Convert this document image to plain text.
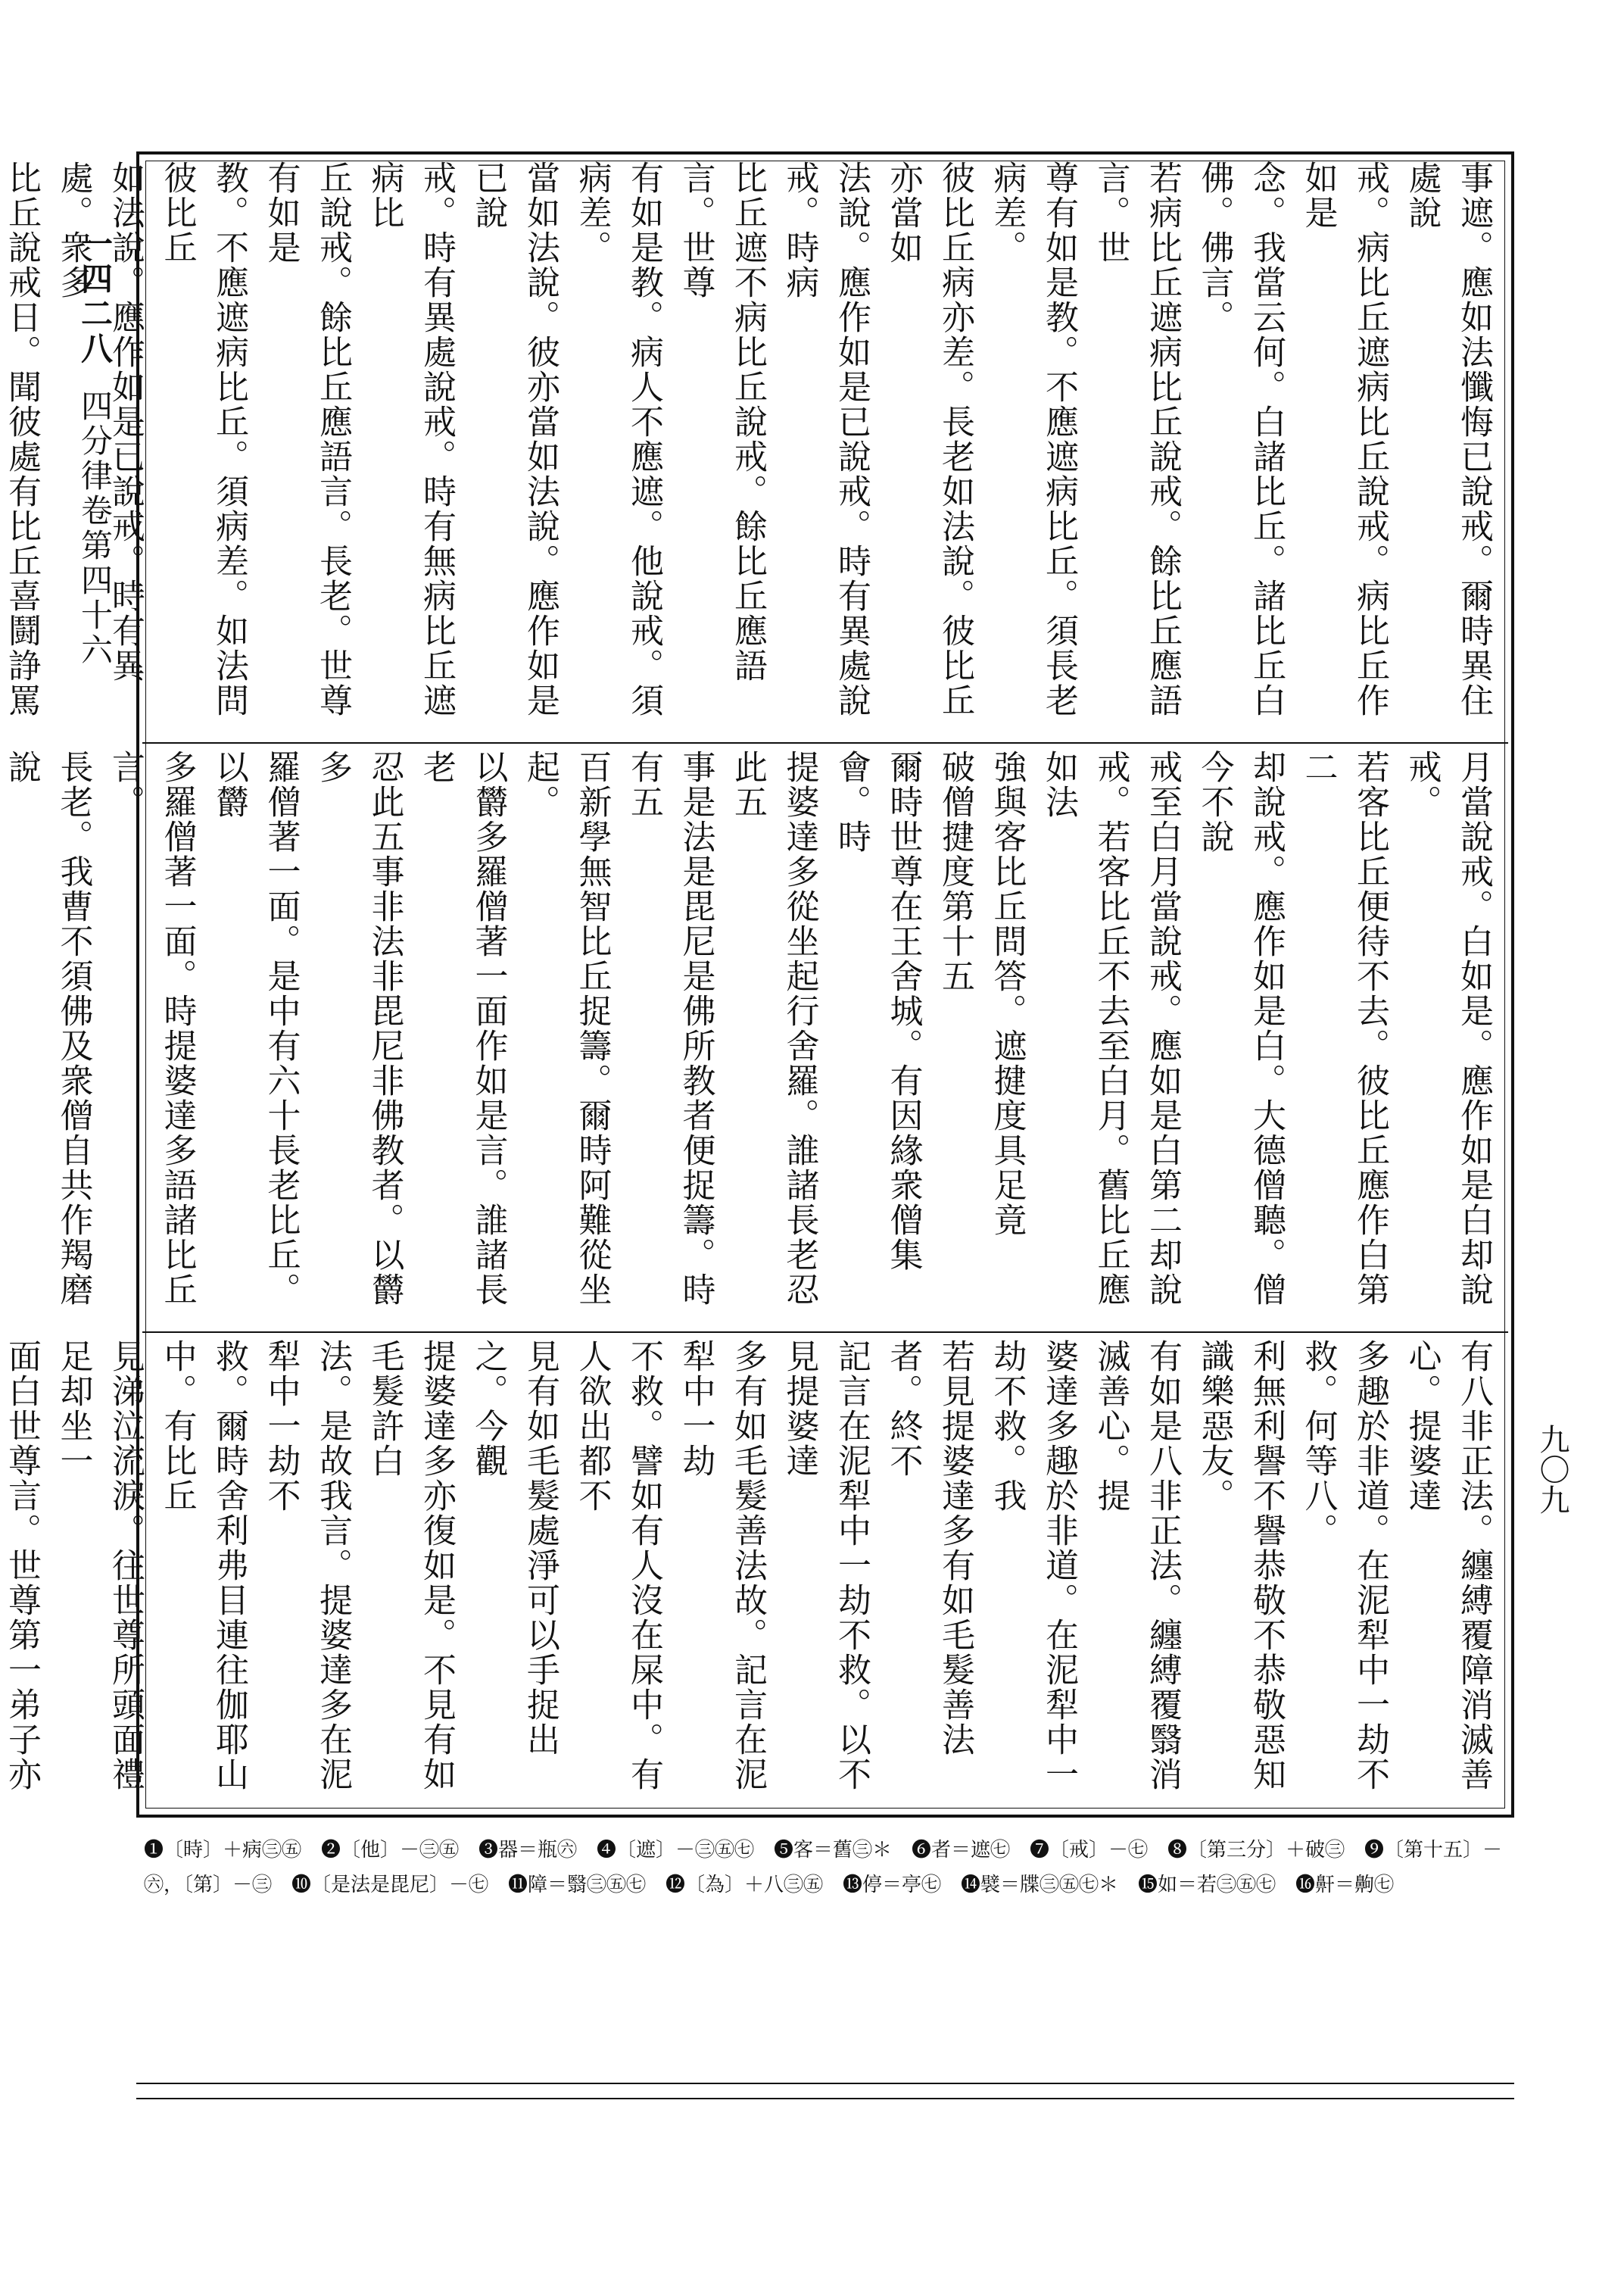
一四二八
四分律卷第四十六	事遮。應如法懺悔已說戒。爾時異住處說
戒。病比丘遮病比丘說戒。病比丘作如是
念。我當云何。白諸比丘。諸比丘白佛。佛言。
若病比丘遮病比丘說戒。餘比丘應語言。世
尊有如是教。不應遮病比丘。須長老病差。
彼比丘病亦差。長老如法說。彼比丘亦當如
法說。應作如是已說戒。時有異處說戒。時病
比丘遮不病比丘說戒。餘比丘應語言。世尊
有如是教。病人不應遮。他說戒。須病差。
當如法說。彼亦當如法說。應作如是已說
戒。時有異處說戒。時有無病比丘遮病比
丘說戒。餘比丘應語言。長老。世尊有如是
教。不應遮病比丘。須病差。如法問彼比丘
如法說。應作如是已說戒。時有異處。衆多
比丘說戒日。聞彼處有比丘喜鬪諍罵

月當說戒。白如是。應作如是白却說戒。
若客比丘便待不去。彼比丘應作白第二
却說戒。應作如是白。大德僧聽。僧今不說
戒至白月當說戒。應如是白第二却說
戒。若客比丘不去至白月。舊比丘應如法
強與客比丘問答。遮揵度具足竟
破僧揵度第十五
爾時世尊在王舍城。有因緣衆僧集會。時
提婆達多從坐起行舍羅。誰諸長老忍此五
事是法是毘尼是佛所教者便捉籌。時有五
百新學無智比丘捉籌。爾時阿難從坐起。
以欝多羅僧著一面作如是言。誰諸長老
忍此五事非法非毘尼非佛教者。以欝多
羅僧著一面。是中有六十長老比丘。以欝
多羅僧著一面。時提婆達多語諸比丘言。
長老。我曹不須佛及衆僧自共作羯磨說

有八非正法。纏縛覆障消滅善心。提婆達
多趣於非道。在泥犁中一劫不救。何等八。
利無利譽不譽恭敬不恭敬惡知識樂惡友。
有如是八非正法。纏縛覆翳消滅善心。提
婆達多趣於非道。在泥犁中一劫不救。我
若見提婆達多有如毛髮善法者。終不
記言在泥犁中一劫不救。以不見提婆達
多有如毛髮善法故。記言在泥犁中一劫
不救。譬如有人沒在屎中。有人欲出都不
見有如毛髮處淨可以手捉出之。今觀
提婆達多亦復如是。不見有如毛髮許白
法。是故我言。提婆達多在泥犁中一劫不
救。爾時舍利弗目連往伽耶山中。有比丘
見涕泣流淚。往世尊所頭面禮足却坐一
面白世尊言。世尊第一弟子亦

九〇九
❶〔時〕＋病㊂㊄　❷〔他〕－㊂㊄　❸器＝瓶㊅　❹〔遮〕－㊂㊄㊆　❺客＝舊㊂＊　❻者＝遮㊆　❼〔戒〕－㊆　❽〔第三分〕＋破㊂　❾〔第十五〕－㊅，〔第〕－㊂　❿〔是法是毘尼〕－㊆　⓫障＝翳㊂㊄㊆　⓬〔為〕＋八㊂㊄　⓭停＝亭㊆　⓮襞＝牒㊂㊄㊆＊　⓯如＝若㊂㊄㊆　⓰鼾＝齁㊆
